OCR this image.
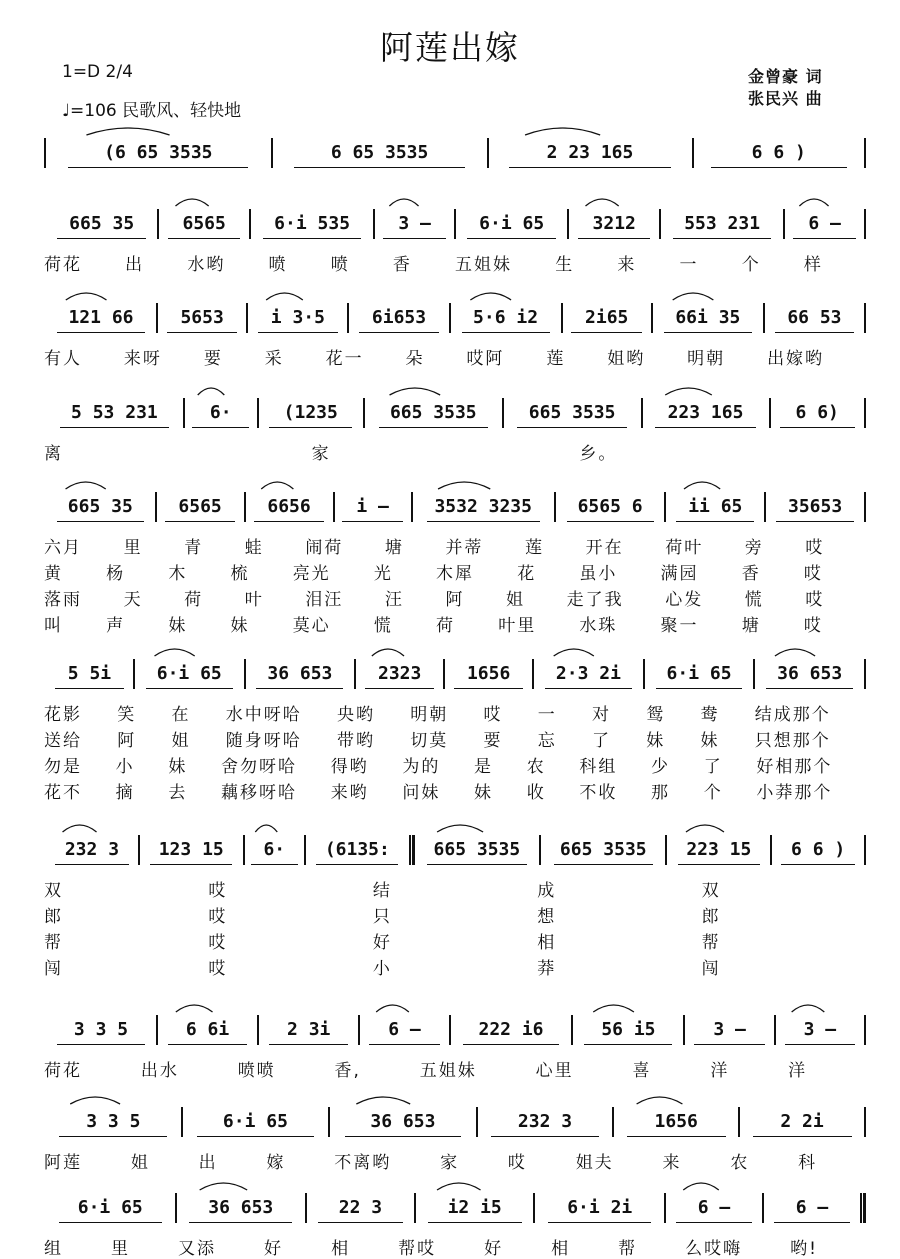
阿莲出嫁
1=D 2/4
♩=106 民歌风、轻快地
金曾豪 词
张民兴 曲
(6 65 3535	6 65 3535	2 23 165	6 6 )
665 35	6565	6·i 535	3 –	6·i 65	3212	553 231	6 –
荷花	出	水哟	喷	喷	香	五姐妹	生	来	一	个	样
121 66	5653	i 3·5	6i653	5·6 i2	2i65	66i 35	66 53
有人	来呀	要	采	花一	朵	哎阿	莲	姐哟	明朝	出嫁哟
5 53 231	6·	(1235	665 3535	665 3535	223 165	6 6)
离	家	乡。
665 35	6565	6656	i –	3532 3235	6565 6	ii 65	35653
六月	里	青	蛙	闹荷	塘	并蒂	莲	开在	荷叶	旁	哎
黄	杨	木	梳	亮光	光	木犀	花	虽小	满园	香	哎
落雨	天	荷	叶	泪汪	汪	阿	姐	走了我	心发	慌	哎
叫	声	妹	妹	莫心	慌	荷	叶里	水珠	聚一	塘	哎
5 5i	6·i 65	36 653	2323	1656	2·3 2i	6·i 65	36 653
花影	笑	在	水中呀哈	央哟	明朝	哎	一	对	鸳	鸯	结成那个
送给	阿	姐	随身呀哈	带哟	切莫	要	忘	了	妹	妹	只想那个
勿是	小	妹	舍勿呀哈	得哟	为的	是	农	科组	少	了	好相那个
花不	摘	去	藕移呀哈	来哟	问妹	妹	收	不收	那	个	小莽那个
232 3	123 15	6·	(6135:	665 3535	665 3535	223 15	6 6 )
双	哎	结	成	双
郎	哎	只	想	郎
帮	哎	好	相	帮
闯	哎	小	莽	闯
3 3 5	6 6i	2 3i	6 –	222 i6	56 i5	3 –	3 –
荷花	出水	喷喷	香,	五姐妹	心里	喜	洋	洋
3 3 5	6·i 65	36 653	232 3	1656	2 2i
阿莲	姐	出	嫁	不离哟	家	哎	姐夫	来	农	科
6·i 65	36 653	22 3	i2 i5	6·i 2i	6 –	6 –
组	里	又添	好	相	帮哎	好	相	帮	么哎嗨	哟!
